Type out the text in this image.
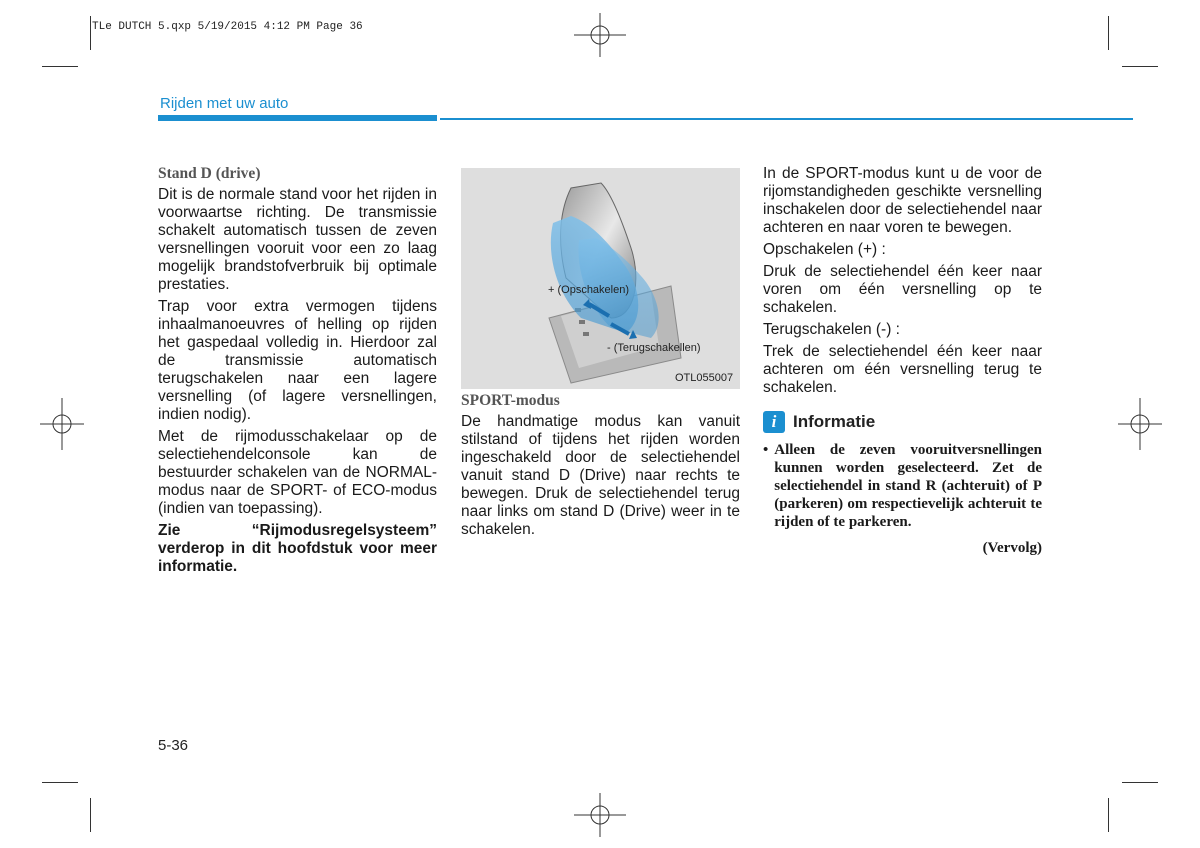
TLe DUTCH 5.qxp 5/19/2015 4:12 PM Page 36
Rijden met uw auto
Stand D (drive)

Dit is de normale stand voor het rijden in voorwaartse richting. De transmissie schakelt automatisch tussen de zeven versnellingen vooruit voor een zo laag mogelijk brandstofverbruik bij optimale prestaties.

Trap voor extra vermogen tijdens inhaalmanoeuvres of helling op rijden het gaspedaal volledig in. Hierdoor zal de transmissie automatisch terugschakelen naar een lagere versnelling (of lagere versnellingen, indien nodig).

Met de rijmodusschakelaar op de selectiehendelconsole kan de bestuurder schakelen van de NORMAL-modus naar de SPORT- of ECO-modus (indien van toepassing).

Zie “Rijmodusregelsysteem” verderop in dit hoofdstuk voor meer informatie.

+ (Opschakelen)
- (Terugschakellen)
OTL055007
SPORT-modus

De handmatige modus kan vanuit stilstand of tijdens het rijden worden ingeschakeld door de selectiehendel vanuit stand D (Drive) naar rechts te bewegen. Druk de selectiehendel terug naar links om stand D (Drive) weer in te schakelen.

In de SPORT-modus kunt u de voor de rijomstandigheden geschikte versnelling inschakelen door de selectiehendel naar achteren en naar voren te bewegen.

Opschakelen (+) :

Druk de selectiehendel één keer naar voren om één versnelling op te schakelen.

Terugschakelen (-) :

Trek de selectiehendel één keer naar achteren om één versnelling terug te schakelen.

i Informatie
• Alleen de zeven vooruitversnellingen kunnen worden geselecteerd. Zet de selectiehendel in stand R (achteruit) of P (parkeren) om respectievelijk achteruit te rijden of te parkeren.
(Vervolg)
5-36
